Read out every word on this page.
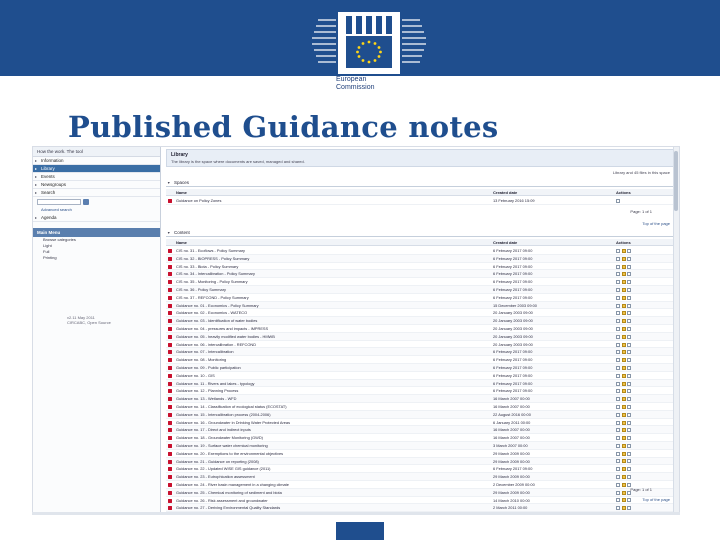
European
Commission
Published Guidance notes
How the work. The tool
▸ Information
▸ Library
▸ Events
▸ Newsgroups
▸ Search
Advanced search
▸ Agenda
Main Menu
Browse categories
Light
Full
Printing
v2.11 May 2011
CIRCABC, Open Source
Library
The library is the space where documents are saved, managed and shared.
Library and 45 files in this space
▼ Spaces
Name	Created date	Actions
Guidance on Policy Zones	13 February 2016 15:09
Page: 1 of 1
Top of the page
▼ Content
Name	Created date	Actions
CIS no. 31 - Ecoflows - Policy Summary	6 February 2017 09:00
CIS no. 32 - BIOPRESS - Policy Summary	6 February 2017 09:00
CIS no. 33 - Biota - Policy Summary	6 February 2017 09:00
CIS no. 34 - Intercalibration - Policy Summary	6 February 2017 09:00
CIS no. 35 - Monitoring - Policy Summary	6 February 2017 09:00
CIS no. 36 - Policy Summary	6 February 2017 09:00
CIS no. 37 - REFCOND - Policy Summary	6 February 2017 09:00
Guidance no. 01 - Economics - Policy Summary	15 December 2003 09:00
Guidance no. 02 - Economics - WATECO	20 January 2003 09:00
Guidance no. 03 - Identification of water bodies	20 January 2003 09:00
Guidance no. 04 - pressures and impacts - IMPRESS	20 January 2003 09:00
Guidance no. 05 - heavily modified water bodies - HMWB	20 January 2003 09:00
Guidance no. 06 - intercalibration - REFCOND	20 January 2003 09:00
Guidance no. 07 - Intercalibration	6 February 2017 09:00
Guidance no. 08 - Monitoring	6 February 2017 09:00
Guidance no. 09 - Public participation	6 February 2017 09:00
Guidance no. 10 - GIS	6 February 2017 09:00
Guidance no. 11 - Rivers and lakes - typology	6 February 2017 09:00
Guidance no. 12 - Planning Process	6 February 2017 09:00
Guidance no. 13 - Wetlands - WFD	16 March 2007 00:00
Guidance no. 14 - Classification of ecological status (ECOSTAT)	16 March 2007 00:00
Guidance no. 15 - Intercalibration process (2004-2006)	22 August 2016 00:00
Guidance no. 16 - Groundwater in Drinking Water Protected Areas	6 January 2011 00:00
Guidance no. 17 - Direct and indirect inputs	16 March 2007 00:00
Guidance no. 18 - Groundwater Monitoring (GWD)	16 March 2007 00:00
Guidance no. 19 - Surface water chemical monitoring	3 March 2007 00:00
Guidance no. 20 - Exemptions to the environmental objectives	29 March 2009 00:00
Guidance no. 21 - Guidance on reporting (2008)	29 March 2009 00:00
Guidance no. 22 - Updated WISE GIS guidance (2011)	6 February 2017 09:00
Guidance no. 23 - Eutrophication assessment	29 March 2009 00:00
Guidance no. 24 - River basin management in a changing climate	2 December 2009 00:00
Guidance no. 25 - Chemical monitoring of sediment and biota	29 March 2009 00:00
Guidance no. 26 - Risk assessment and groundwater	14 March 2010 00:00
Guidance no. 27 - Deriving Environmental Quality Standards	2 March 2011 00:00
Page: 1 of 1
Top of the page
